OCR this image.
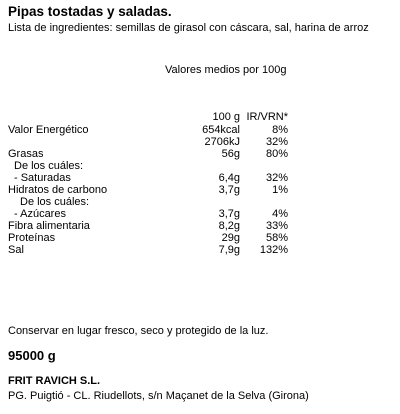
Pipas tostadas y saladas.
Lista de ingredientes: semillas de girasol con cáscara, sal, harina de arroz
Valores medios por 100g
100 g IR/VRN*
Valor Energético	654kcal	8%
2706kJ	32%
Grasas	56g	80%
De los cuáles:
- Saturadas	6,4g	32%
Hidratos de carbono	3,7g	1%
De los cuáles:
- Azúcares	3,7g	4%
Fibra alimentaria	8,2g	33%
Proteínas	29g	58%
Sal	7,9g	132%
Conservar en lugar fresco, seco y protegido de la luz.
95000 g
FRIT RAVICH S.L.
PG. Puigtió - CL. Riudellots, s/n Maçanet de la Selva (Girona)
